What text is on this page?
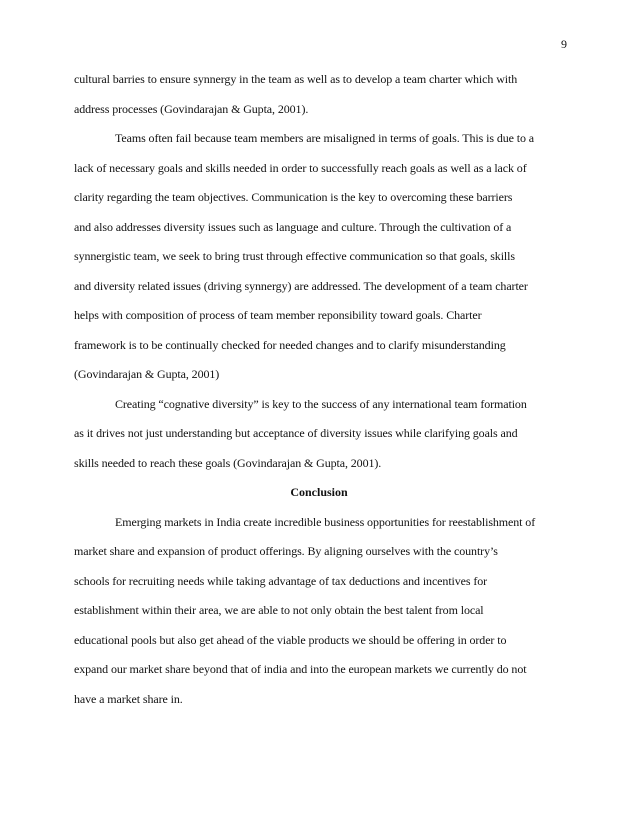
9
cultural barries to ensure synnergy in the team as well as to develop a team charter which with
address processes (Govindarajan & Gupta, 2001).
Teams often fail because team members are misaligned in terms of goals. This is due to a
lack of necessary goals and skills needed in order to successfully reach goals as well as a lack of
clarity regarding the team objectives. Communication is the key to overcoming these barriers
and also addresses diversity issues such as language and culture. Through the cultivation of a
synnergistic team, we seek to bring trust through effective communication so that goals, skills
and diversity related issues (driving synnergy) are addressed. The development of a team charter
helps with composition of process of team member reponsibility toward goals. Charter
framework is to be continually checked for needed changes and to clarify misunderstanding
(Govindarajan & Gupta, 2001)
Creating “cognative diversity” is key to the success of any international team formation
as it drives not just understanding but acceptance of diversity issues while clarifying goals and
skills needed to reach these goals (Govindarajan & Gupta, 2001).
Conclusion
Emerging markets in India create incredible business opportunities for reestablishment of
market share and expansion of product offerings. By aligning ourselves with the country’s
schools for recruiting needs while taking advantage of tax deductions and incentives for
establishment within their area, we are able to not only obtain the best talent from local
educational pools but also get ahead of the viable products we should be offering in order to
expand our market share beyond that of india and into the european markets we currently do not
have a market share in.
